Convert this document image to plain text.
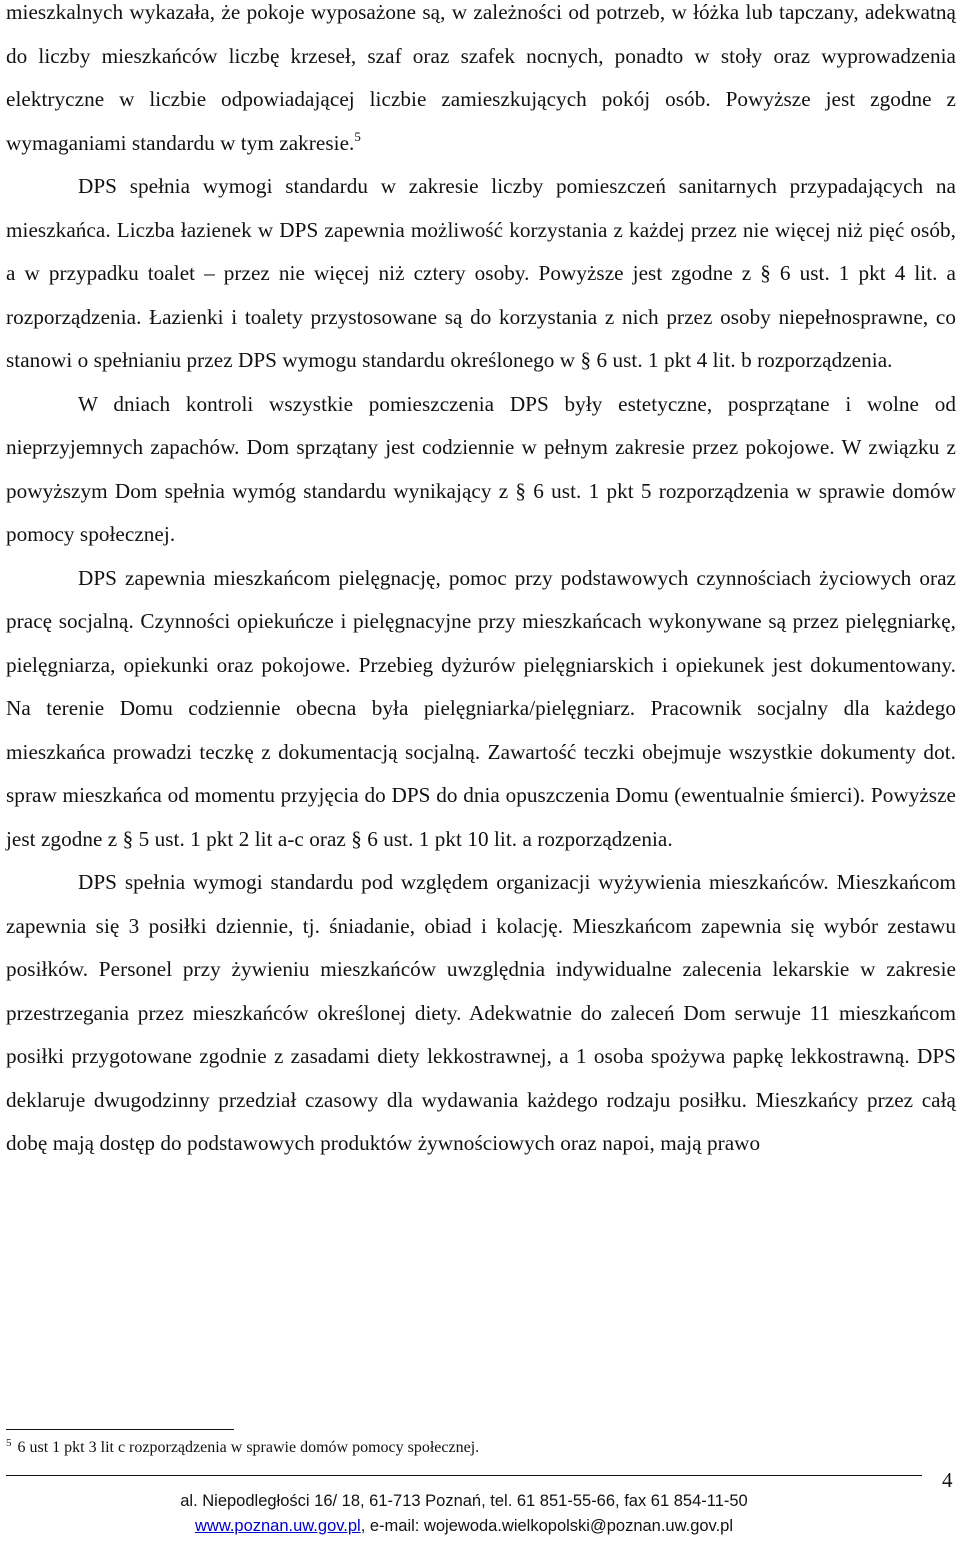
mieszkalnych wykazała, że pokoje wyposażone są, w zależności od potrzeb, w łóżka lub tapczany, adekwatną do liczby mieszkańców liczbę krzeseł, szaf oraz szafek nocnych, ponadto w stoły oraz wyprowadzenia elektryczne w liczbie odpowiadającej liczbie zamieszkujących pokój osób. Powyższe jest zgodne z wymaganiami standardu w tym zakresie.$^5$

DPS spełnia wymogi standardu w zakresie liczby pomieszczeń sanitarnych przypadających na mieszkańca. Liczba łazienek w DPS zapewnia możliwość korzystania z każdej przez nie więcej niż pięć osób, a w przypadku toalet – przez nie więcej niż cztery osoby. Powyższe jest zgodne z § 6 ust. 1 pkt 4 lit. a rozporządzenia. Łazienki i toalety przystosowane są do korzystania z nich przez osoby niepełnosprawne, co stanowi o spełnianiu przez DPS wymogu standardu określonego w § 6 ust. 1 pkt 4 lit. b rozporządzenia.

W dniach kontroli wszystkie pomieszczenia DPS były estetyczne, posprzątane i wolne od nieprzyjemnych zapachów. Dom sprzątany jest codziennie w pełnym zakresie przez pokojowe. W związku z powyższym Dom spełnia wymóg standardu wynikający z § 6 ust. 1 pkt 5 rozporządzenia w sprawie domów pomocy społecznej.

DPS zapewnia mieszkańcom pielęgnację, pomoc przy podstawowych czynnościach życiowych oraz pracę socjalną. Czynności opiekuńcze i pielęgnacyjne przy mieszkańcach wykonywane są przez pielęgniarkę, pielęgniarza, opiekunki oraz pokojowe. Przebieg dyżurów pielęgniarskich i opiekunek jest dokumentowany. Na terenie Domu codziennie obecna była pielęgniarka/pielęgniarz. Pracownik socjalny dla każdego mieszkańca prowadzi teczkę z dokumentacją socjalną. Zawartość teczki obejmuje wszystkie dokumenty dot. spraw mieszkańca od momentu przyjęcia do DPS do dnia opuszczenia Domu (ewentualnie śmierci). Powyższe jest zgodne z § 5 ust. 1 pkt 2 lit a-c oraz § 6 ust. 1 pkt 10 lit. a rozporządzenia.

DPS spełnia wymogi standardu pod względem organizacji wyżywienia mieszkańców. Mieszkańcom zapewnia się 3 posiłki dziennie, tj. śniadanie, obiad i kolację. Mieszkańcom zapewnia się wybór zestawu posiłków. Personel przy żywieniu mieszkańców uwzględnia indywidualne zalecenia lekarskie w zakresie przestrzegania przez mieszkańców określonej diety. Adekwatnie do zaleceń Dom serwuje 11 mieszkańcom posiłki przygotowane zgodnie z zasadami diety lekkostrawnej, a 1 osoba spożywa papkę lekkostrawną. DPS deklaruje dwugodzinny przedział czasowy dla wydawania każdego rodzaju posiłku. Mieszkańcy przez całą dobę mają dostęp do podstawowych produktów żywnościowych oraz napoi, mają prawo

$^5$ 6 ust 1 pkt 3 lit c rozporządzenia w sprawie domów pomocy społecznej.
4
al. Niepodległości 16/ 18, 61-713 Poznań, tel. 61 851-55-66, fax 61 854-11-50
www.poznan.uw.gov.pl, e-mail: wojewoda.wielkopolski@poznan.uw.gov.pl
